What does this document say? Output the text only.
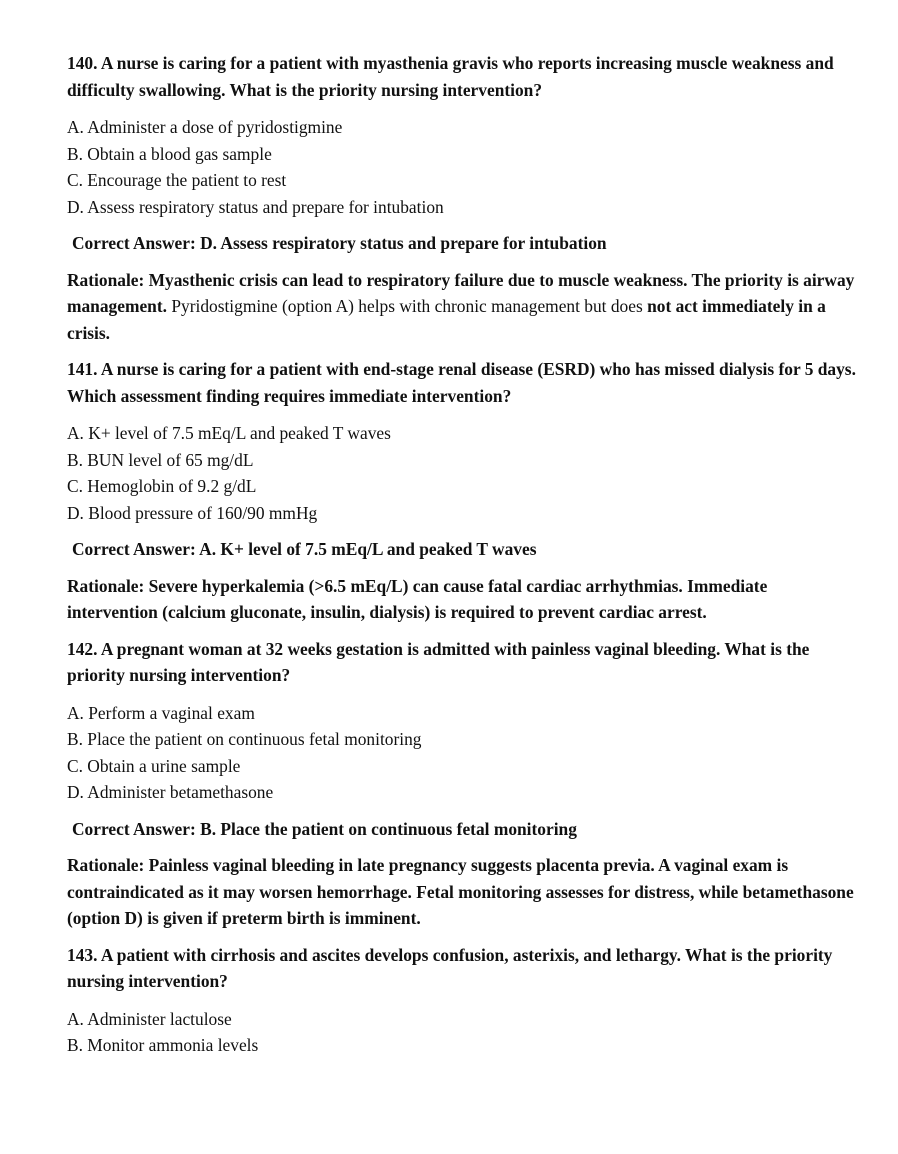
140. A nurse is caring for a patient with myasthenia gravis who reports increasing muscle weakness and difficulty swallowing. What is the priority nursing intervention?

A. Administer a dose of pyridostigmine

B. Obtain a blood gas sample

C. Encourage the patient to rest

D. Assess respiratory status and prepare for intubation

Correct Answer: D. Assess respiratory status and prepare for intubation

Rationale: Myasthenic crisis can lead to respiratory failure due to muscle weakness. The priority is airway management. Pyridostigmine (option A) helps with chronic management but does not act immediately in a crisis.

141. A nurse is caring for a patient with end-stage renal disease (ESRD) who has missed dialysis for 5 days. Which assessment finding requires immediate intervention?

A. K+ level of 7.5 mEq/L and peaked T waves

B. BUN level of 65 mg/dL

C. Hemoglobin of 9.2 g/dL

D. Blood pressure of 160/90 mmHg

Correct Answer: A. K+ level of 7.5 mEq/L and peaked T waves

Rationale: Severe hyperkalemia (>6.5 mEq/L) can cause fatal cardiac arrhythmias. Immediate intervention (calcium gluconate, insulin, dialysis) is required to prevent cardiac arrest.

142. A pregnant woman at 32 weeks gestation is admitted with painless vaginal bleeding. What is the priority nursing intervention?

A. Perform a vaginal exam

B. Place the patient on continuous fetal monitoring

C. Obtain a urine sample

D. Administer betamethasone

Correct Answer: B. Place the patient on continuous fetal monitoring

Rationale: Painless vaginal bleeding in late pregnancy suggests placenta previa. A vaginal exam is contraindicated as it may worsen hemorrhage. Fetal monitoring assesses for distress, while betamethasone (option D) is given if preterm birth is imminent.

143. A patient with cirrhosis and ascites develops confusion, asterixis, and lethargy. What is the priority nursing intervention?

A. Administer lactulose

B. Monitor ammonia levels
